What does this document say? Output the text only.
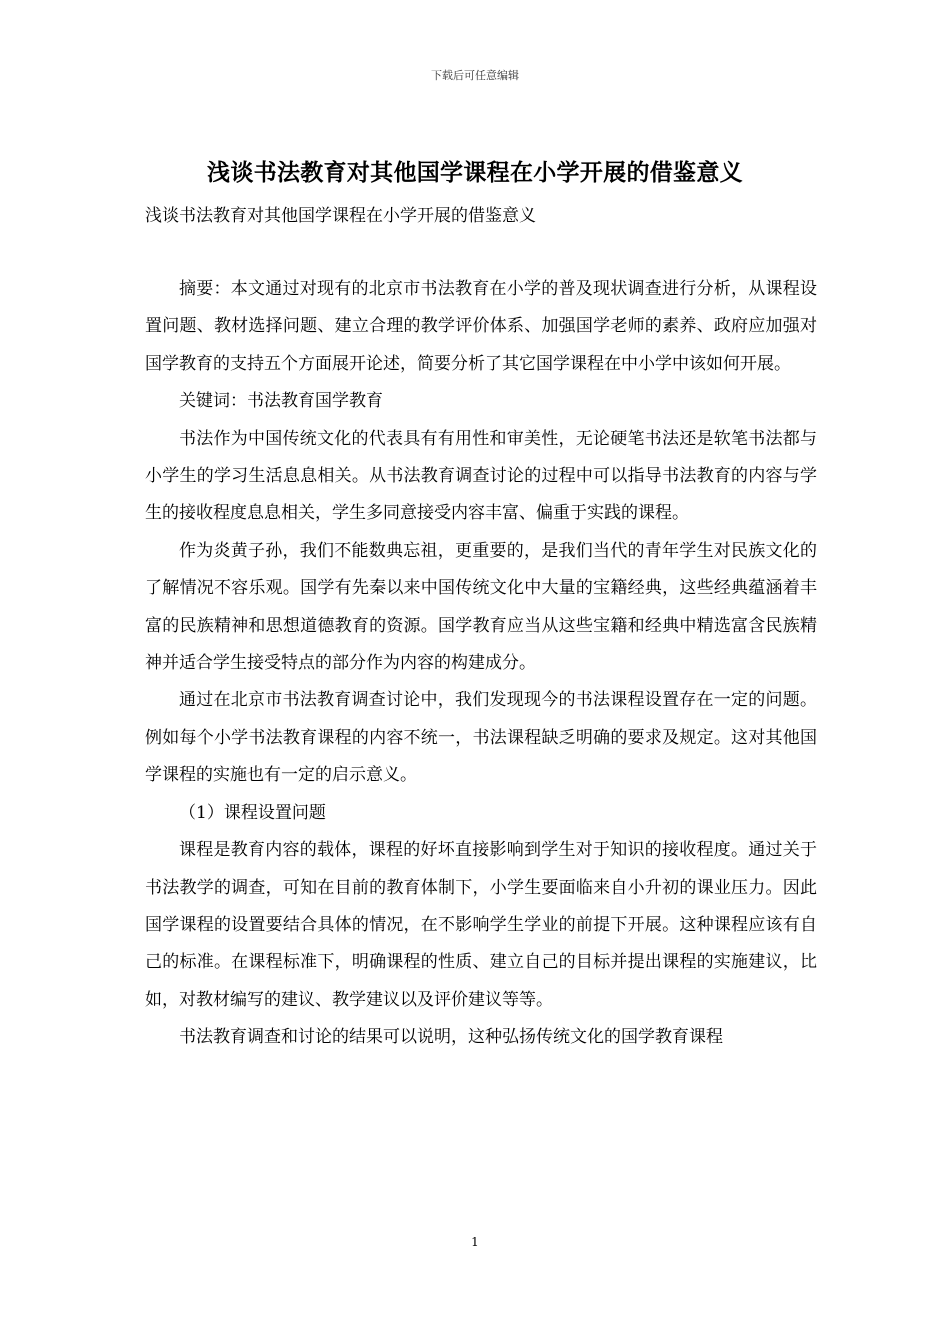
下载后可任意编辑
浅谈书法教育对其他国学课程在小学开展的借鉴意义
浅谈书法教育对其他国学课程在小学开展的借鉴意义

摘要：本文通过对现有的北京市书法教育在小学的普及现状调查进行分析，从课程设置问题、教材选择问题、建立合理的教学评价体系、加强国学老师的素养、政府应加强对国学教育的支持五个方面展开论述，简要分析了其它国学课程在中小学中该如何开展。

关键词：书法教育国学教育

书法作为中国传统文化的代表具有有用性和审美性，无论硬笔书法还是软笔书法都与小学生的学习生活息息相关。从书法教育调查讨论的过程中可以指导书法教育的内容与学生的接收程度息息相关，学生多同意接受内容丰富、偏重于实践的课程。

作为炎黄子孙，我们不能数典忘祖，更重要的，是我们当代的青年学生对民族文化的了解情况不容乐观。国学有先秦以来中国传统文化中大量的宝籍经典，这些经典蕴涵着丰富的民族精神和思想道德教育的资源。国学教育应当从这些宝籍和经典中精选富含民族精神并适合学生接受特点的部分作为内容的构建成分。

通过在北京市书法教育调查讨论中，我们发现现今的书法课程设置存在一定的问题。例如每个小学书法教育课程的内容不统一，书法课程缺乏明确的要求及规定。这对其他国学课程的实施也有一定的启示意义。

（1）课程设置问题

课程是教育内容的载体，课程的好坏直接影响到学生对于知识的接收程度。通过关于书法教学的调查，可知在目前的教育体制下，小学生要面临来自小升初的课业压力。因此国学课程的设置要结合具体的情况，在不影响学生学业的前提下开展。这种课程应该有自己的标准。在课程标准下，明确课程的性质、建立自己的目标并提出课程的实施建议，比如，对教材编写的建议、教学建议以及评价建议等等。

书法教育调查和讨论的结果可以说明，这种弘扬传统文化的国学教育课程

1
